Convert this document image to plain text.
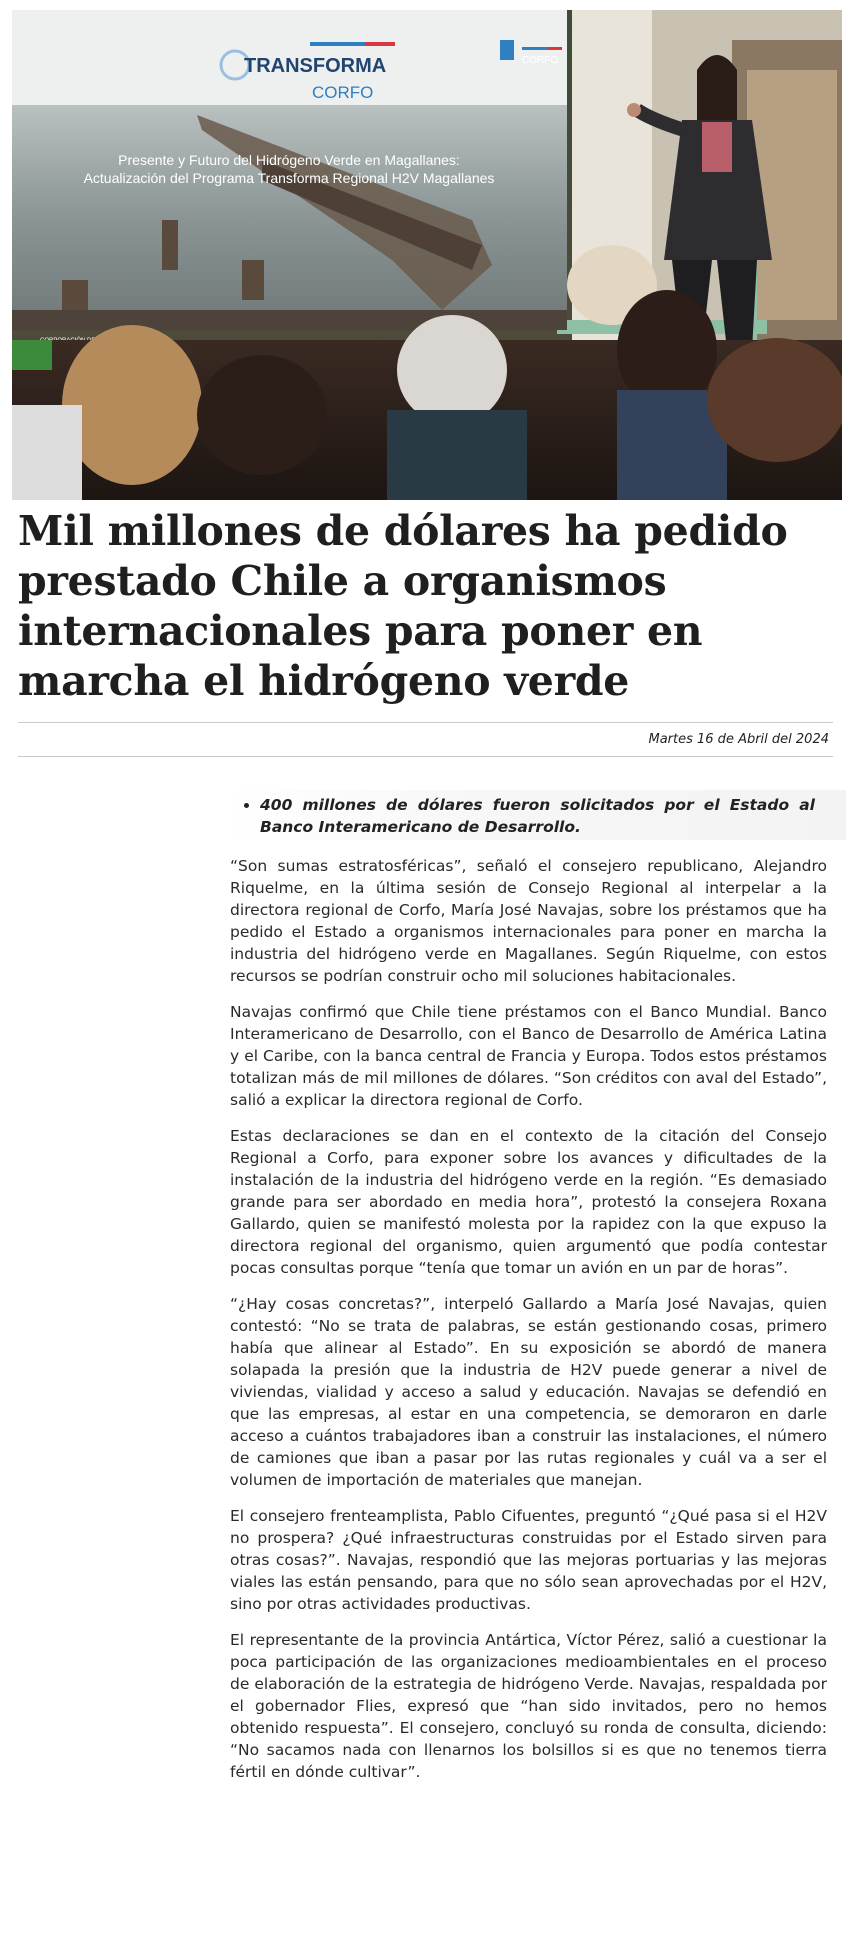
TRANSFORMA
CORFO
CORFO
Presente y Futuro del Hidrógeno Verde en Magallanes:
Actualización del Programa Transforma Regional H2V Magallanes
Mil millones de dólares ha pedido
prestado Chile a organismos
internacionales para poner en
marcha el hidrógeno verde
Martes 16 de Abril del 2024
• 400 millones de dólares fueron solicitados por el Estado al Banco Interamericano de Desarrollo.

“Son sumas estratosféricas”, señaló el consejero republicano, Alejandro Riquelme, en la última sesión de Consejo Regional al interpelar a la directora regional de Corfo, María José Navajas, sobre los préstamos que ha pedido el Estado a organismos internacionales para poner en marcha la industria del hidrógeno verde en Magallanes. Según Riquelme, con estos recursos se podrían construir ocho mil soluciones habitacionales.

Navajas confirmó que Chile tiene préstamos con el Banco Mundial. Banco Interamericano de Desarrollo, con el Banco de Desarrollo de América Latina y el Caribe, con la banca central de Francia y Europa. Todos estos préstamos totalizan más de mil millones de dólares. “Son créditos con aval del Estado”, salió a explicar la directora regional de Corfo.

Estas declaraciones se dan en el contexto de la citación del Consejo Regional a Corfo, para exponer sobre los avances y dificultades de la instalación de la industria del hidrógeno verde en la región. “Es demasiado grande para ser abordado en media hora”, protestó la consejera Roxana Gallardo, quien se manifestó molesta por la rapidez con la que expuso la directora regional del organismo, quien argumentó que podía contestar pocas consultas porque “tenía que tomar un avión en un par de horas”.

“¿Hay cosas concretas?”, interpeló Gallardo a María José Navajas, quien contestó: “No se trata de palabras, se están gestionando cosas, primero había que alinear al Estado”. En su exposición se abordó de manera solapada la presión que la industria de H2V puede generar a nivel de viviendas, vialidad y acceso a salud y educación. Navajas se defendió en que las empresas, al estar en una competencia, se demoraron en darle acceso a cuántos trabajadores iban a construir las instalaciones, el número de camiones que iban a pasar por las rutas regionales y cuál va a ser el volumen de importación de materiales que manejan.

El consejero frenteamplista, Pablo Cifuentes, preguntó “¿Qué pasa si el H2V no prospera? ¿Qué infraestructuras construidas por el Estado sirven para otras cosas?”. Navajas, respondió que las mejoras portuarias y las mejoras viales las están pensando, para que no sólo sean aprovechadas por el H2V, sino por otras actividades productivas.

El representante de la provincia Antártica, Víctor Pérez, salió a cuestionar la poca participación de las organizaciones medioambientales en el proceso de elaboración de la estrategia de hidrógeno Verde. Navajas, respaldada por el gobernador Flies, expresó que “han sido invitados, pero no hemos obtenido respuesta”. El consejero, concluyó su ronda de consulta, diciendo: “No sacamos nada con llenarnos los bolsillos si es que no tenemos tierra fértil en dónde cultivar”.
